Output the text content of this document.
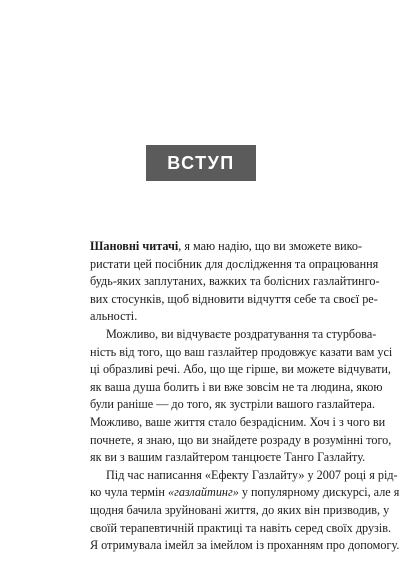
ВСТУП

Шановні читачі, я маю надію, що ви зможете вико-
ристати цей посібник для дослідження та опрацювання
будь-яких заплутаних, важких та болісних газлайтинго-
вих стосунків, щоб відновити відчуття себе та своєї ре-
альності.

Можливо, ви відчуваєте роздратування та стурбова-
ність від того, що ваш газлайтер продовжує казати вам усі
ці образливі речі. Або, що ще гірше, ви можете відчувати,
як ваша душа болить і ви вже зовсім не та людина, якою
були раніше — до того, як зустріли вашого газлайтера.
Можливо, ваше життя стало безрадісним. Хоч і з чого ви
почнете, я знаю, що ви знайдете розраду в розумінні того,
як ви з вашим газлайтером танцюєте Танго Газлайту.

Під час написання «Ефекту Газлайту» у 2007 році я рід-
ко чула термін «газлайтинг» у популярному дискурсі, але я
щодня бачила зруйновані життя, до яких він призводив, у
своїй терапевтичній практиці та навіть серед своїх друзів.
Я отримувала імейл за імейлом із проханням про допомогу.
